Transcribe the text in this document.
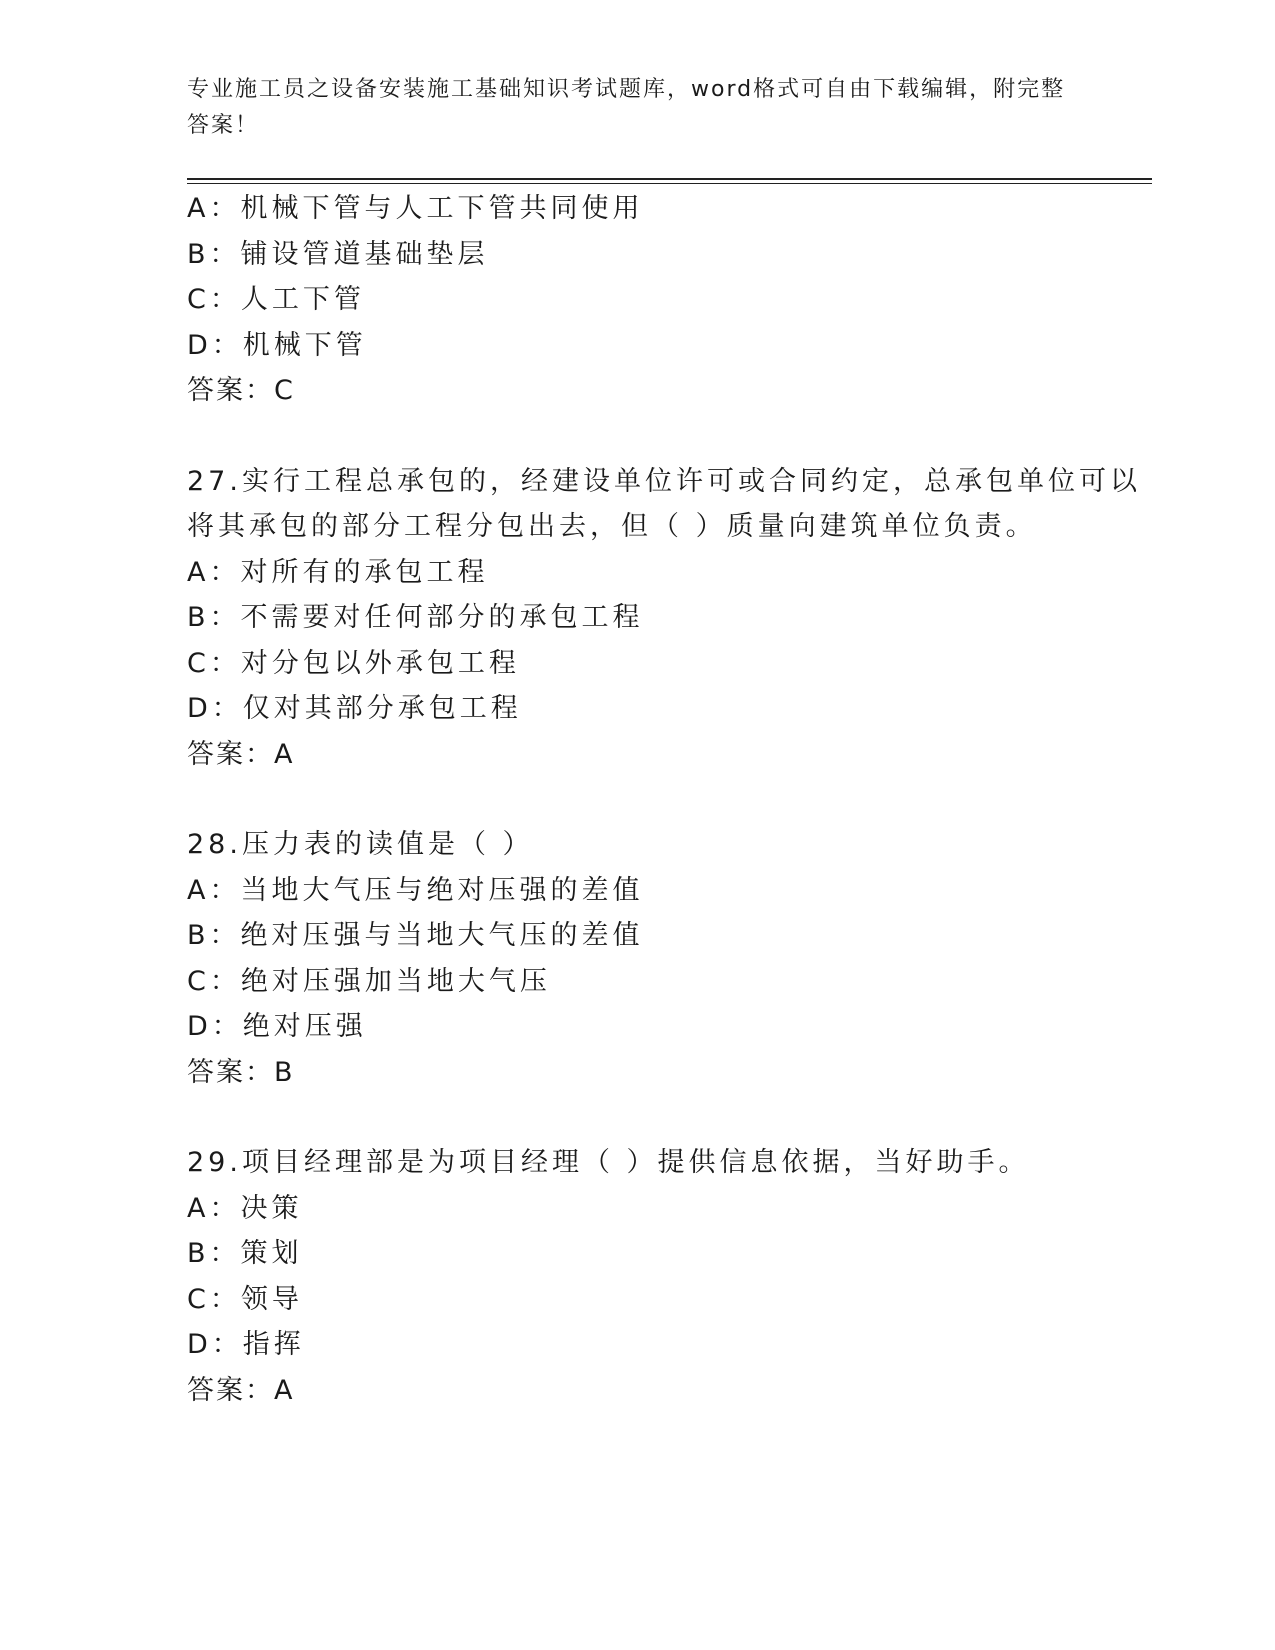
专业施工员之设备安装施工基础知识考试题库，word格式可自由下载编辑，附完整答案！
A：机械下管与人工下管共同使用
B：铺设管道基础垫层
C：人工下管
D：机械下管
答案：C
27.实行工程总承包的，经建设单位许可或合同约定，总承包单位可以
将其承包的部分工程分包出去，但（ ）质量向建筑单位负责。
A：对所有的承包工程
B：不需要对任何部分的承包工程
C：对分包以外承包工程
D：仅对其部分承包工程
答案：A
28.压力表的读值是（ ）
A：当地大气压与绝对压强的差值
B：绝对压强与当地大气压的差值
C：绝对压强加当地大气压
D：绝对压强
答案：B
29.项目经理部是为项目经理（ ）提供信息依据，当好助手。
A：决策
B：策划
C：领导
D：指挥
答案：A
